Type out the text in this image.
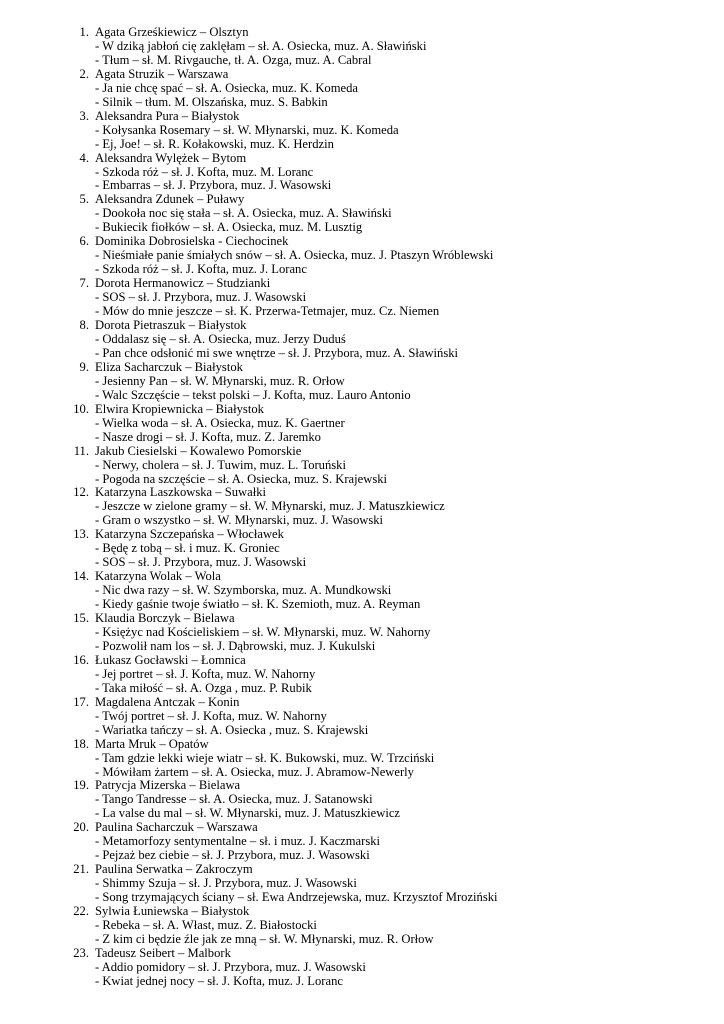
1. Agata Grześkiewicz – Olsztyn
- W dziką jabłoń cię zaklęłam – sł. A. Osiecka, muz. A. Sławiński
- Tłum – sł. M. Rivgauche, tł. A. Ozga, muz. A. Cabral
2. Agata Struzik – Warszawa
- Ja nie chcę spać – sł. A. Osiecka, muz. K. Komeda
- Silnik – tłum. M. Olszańska, muz. S. Babkin
3. Aleksandra Pura – Białystok
- Kołysanka Rosemary – sł. W. Młynarski, muz. K. Komeda
- Ej, Joe! – sł. R. Kołakowski, muz. K. Herdzin
4. Aleksandra Wylężek – Bytom
- Szkoda róż – sł. J. Kofta, muz. M. Loranc
- Embarras – sł. J. Przybora, muz. J. Wasowski
5. Aleksandra Zdunek – Puławy
- Dookoła noc się stała – sł. A. Osiecka, muz. A. Sławiński
- Bukiecik fiołków – sł. A. Osiecka, muz. M. Lusztig
6. Dominika Dobrosielska - Ciechocinek
- Nieśmiałe panie śmiałych snów – sł. A. Osiecka, muz. J. Ptaszyn Wróblewski
- Szkoda róż – sł. J. Kofta, muz. J. Loranc
7. Dorota Hermanowicz – Studzianki
- SOS – sł. J. Przybora, muz. J. Wasowski
- Mów do mnie jeszcze – sł. K. Przerwa-Tetmajer, muz. Cz. Niemen
8. Dorota Pietraszuk – Białystok
- Oddalasz się – sł. A. Osiecka, muz. Jerzy Duduś
- Pan chce odsłonić mi swe wnętrze – sł. J. Przybora, muz. A. Sławiński
9. Eliza Sacharczuk – Białystok
- Jesienny Pan – sł. W. Młynarski, muz. R. Orłow
- Walc Szczęście – tekst polski – J. Kofta, muz. Lauro Antonio
10. Elwira Kropiewnicka – Białystok
- Wielka woda – sł. A. Osiecka, muz. K. Gaertner
- Nasze drogi – sł. J. Kofta, muz. Z. Jaremko
11. Jakub Ciesielski – Kowalewo Pomorskie
- Nerwy, cholera – sł. J. Tuwim, muz. L. Toruński
- Pogoda na szczęście – sł. A. Osiecka, muz. S. Krajewski
12. Katarzyna Laszkowska – Suwałki
- Jeszcze w zielone gramy – sł. W. Młynarski, muz. J. Matuszkiewicz
- Gram o wszystko – sł. W. Młynarski, muz. J. Wasowski
13. Katarzyna Szczepańska – Włocławek
- Będę z tobą – sł. i muz. K. Groniec
- SOS – sł. J. Przybora, muz. J. Wasowski
14. Katarzyna Wolak – Wola
- Nic dwa razy – sł. W. Szymborska, muz. A. Mundkowski
- Kiedy gaśnie twoje światło – sł. K. Szemioth, muz. A. Reyman
15. Klaudia Borczyk – Bielawa
- Księżyc nad Kościeliskiem – sł. W. Młynarski, muz. W. Nahorny
- Pozwolił nam los – sł. J. Dąbrowski, muz. J. Kukulski
16. Łukasz Gocławski – Łomnica
- Jej portret – sł. J. Kofta, muz. W. Nahorny
- Taka miłość – sł. A. Ozga , muz. P. Rubik
17. Magdalena Antczak – Konin
- Twój portret – sł. J. Kofta, muz. W. Nahorny
- Wariatka tańczy – sł. A. Osiecka , muz. S. Krajewski
18. Marta Mruk – Opatów
- Tam gdzie lekki wieje wiatr – sł. K. Bukowski, muz. W. Trzciński
- Mówiłam żartem – sł. A. Osiecka, muz. J. Abramow-Newerly
19. Patrycja Mizerska – Bielawa
- Tango Tandresse – sł. A. Osiecka, muz. J. Satanowski
- La valse du mal – sł. W. Młynarski, muz. J. Matuszkiewicz
20. Paulina Sacharczuk – Warszawa
- Metamorfozy sentymentalne – sł. i muz. J. Kaczmarski
- Pejzaż bez ciebie – sł. J. Przybora, muz. J. Wasowski
21. Paulina Serwatka – Zakroczym
- Shimmy Szuja – sł. J. Przybora, muz. J. Wasowski
- Song trzymających ściany – sł. Ewa Andrzejewska, muz. Krzysztof Mroziński
22. Sylwia Łuniewska – Białystok
- Rebeka – sł. A. Włast, muz. Z. Białostocki
- Z kim ci będzie źle jak ze mną – sł. W. Młynarski, muz. R. Orłow
23. Tadeusz Seibert – Malbork
- Addio pomidory – sł. J. Przybora, muz. J. Wasowski
- Kwiat jednej nocy – sł. J. Kofta, muz. J. Loranc
